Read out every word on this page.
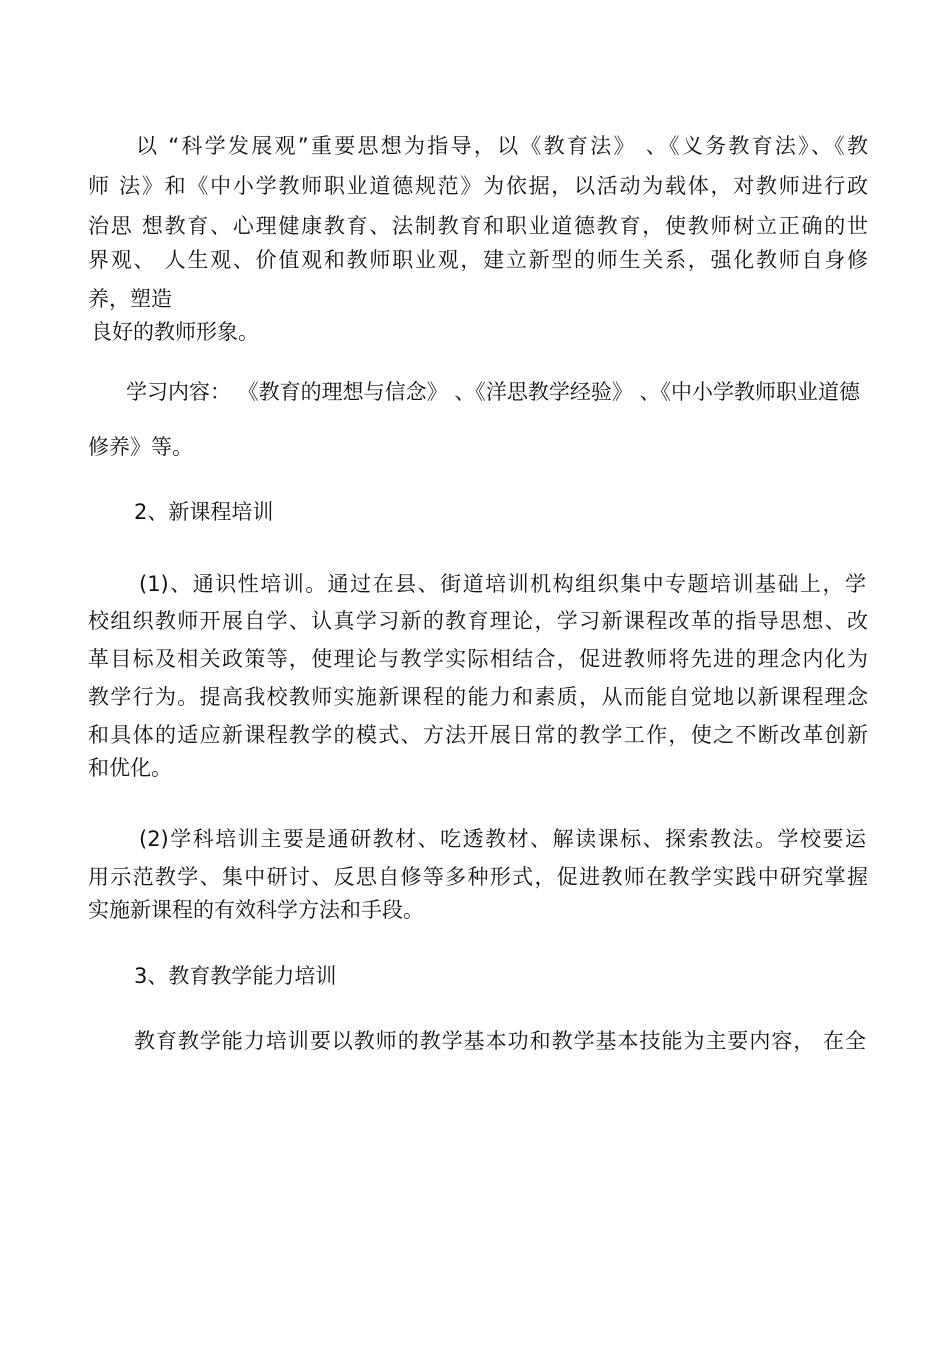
以 “科学发展观”重要思想为指导，以《教育法》 、《义务教育法》、《教
师 法》和《中小学教师职业道德规范》为依据，以活动为载体，对教师进行政
治思 想教育、心理健康教育、法制教育和职业道德教育，使教师树立正确的世
界观、 人生观、价值观和教师职业观，建立新型的师生关系，强化教师自身修
养，塑造
良好的教师形象。
学习内容： 《教育的理想与信念》 、《洋思教学经验》 、《中小学教师职业道德
修养》等。
2、新课程培训
(1)、通识性培训。通过在县、街道培训机构组织集中专题培训基础上，学
校组织教师开展自学、认真学习新的教育理论，学习新课程改革的指导思想、改
革目标及相关政策等，使理论与教学实际相结合，促进教师将先进的理念内化为
教学行为。提高我校教师实施新课程的能力和素质，从而能自觉地以新课程理念
和具体的适应新课程教学的模式、方法开展日常的教学工作，使之不断改革创新
和优化。
(2)学科培训主要是通研教材、吃透教材、解读课标、探索教法。学校要运
用示范教学、集中研讨、反思自修等多种形式，促进教师在教学实践中研究掌握
实施新课程的有效科学方法和手段。
3、教育教学能力培训
教育教学能力培训要以教师的教学基本功和教学基本技能为主要内容， 在全
